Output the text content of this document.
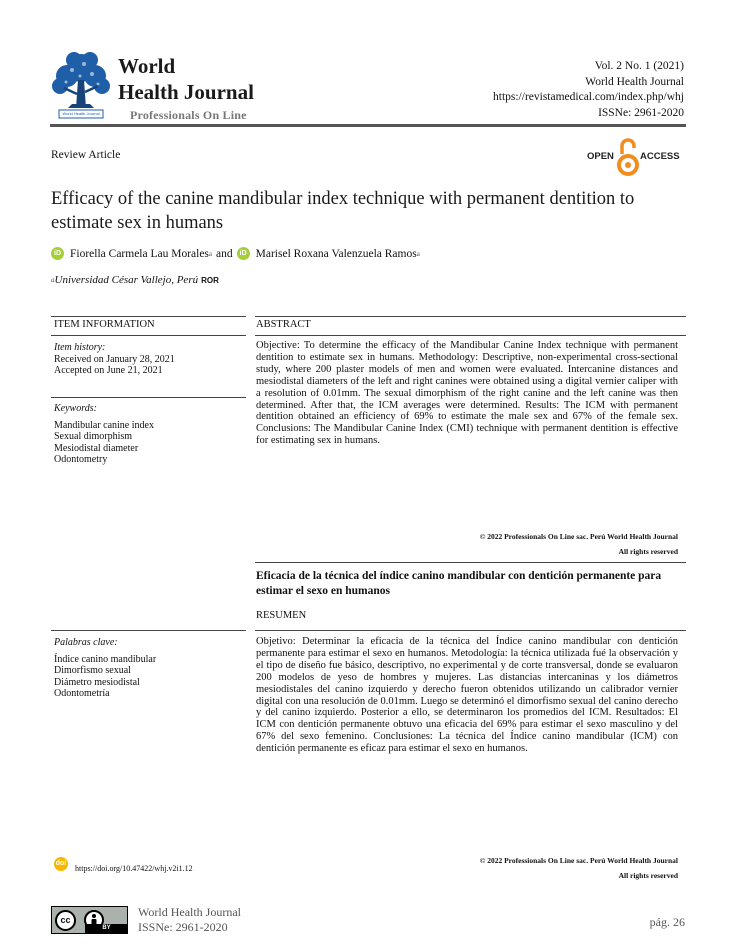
World Health Journal
World
Health Journal
Professionals On Line
Vol. 2 No. 1 (2021)
World Health Journal
https://revistamedical.com/index.php/whj
ISSNe: 2961-2020
Review Article	OPEN	ACCESS
Efficacy of the canine mandibular index technique with permanent dentition to estimate sex in humans
iD Fiorella Carmela Lau Morales a and	iD Marisel Roxana Valenzuela Ramos a
a Universidad César Vallejo, Perú ROR
ITEM INFORMATION
Item history:
Received on January 28, 2021
Accepted on June 21, 2021
Keywords:
Mandibular canine index
Sexual dimorphism
Mesiodistal diameter
Odontometry
ABSTRACT
Objective: To determine the efficacy of the Mandibular Canine Index technique with permanent dentition to estimate sex in humans. Methodology: Descriptive, non-experimental cross-sectional study, where 200 plaster models of men and women were evaluated. Intercanine distances and mesiodistal diameters of the left and right canines were obtained using a digital vernier caliper with a resolution of 0.01mm. The sexual dimorphism of the right canine and the left canine was then determined. After that, the ICM averages were determined. Results: The ICM with permanent dentition obtained an efficiency of 69% to estimate the male sex and 67% of the female sex. Conclusions: The Mandibular Canine Index (CMI) technique with permanent dentition is effective for estimating sex in humans.
© 2022 Professionals On Line sac. Perú World Health Journal
All rights reserved
Eficacia de la técnica del índice canino mandibular con dentición permanente para estimar el sexo en humanos
RESUMEN
Palabras clave:
Índice canino mandibular
Dimorfismo sexual
Diámetro mesiodistal
Odontometría
Objetivo: Determinar la eficacia de la técnica del Índice canino mandibular con dentición permanente para estimar el sexo en humanos. Metodología: la técnica utilizada fué la observación y el tipo de diseño fue básico, descriptivo, no experimental y de corte transversal, donde se evaluaron 200 modelos de yeso de hombres y mujeres. Las distancias intercaninas y los diámetros mesiodistales del canino izquierdo y derecho fueron obtenidos utilizando un calibrador vernier digital con una resolución de 0.01mm. Luego se determinó el dimorfismo sexual del canino derecho y del canino izquierdo. Posterior a ello, se determinaron los promedios del ICM. Resultados: El ICM con dentición permanente obtuvo una eficacia del 69% para estimar el sexo masculino y del 67% del sexo femenino. Conclusiones: La técnica del Índice canino mandibular (ICM) con dentición permanente es eficaz para estimar el sexo en humanos.
© 2022 Professionals On Line sac. Perú World Health Journal
All rights reserved
doi
https://doi.org/10.47422/whj.v2i1.12
cc
BY
World Health Journal
ISSNe: 2961-2020	pág. 26
